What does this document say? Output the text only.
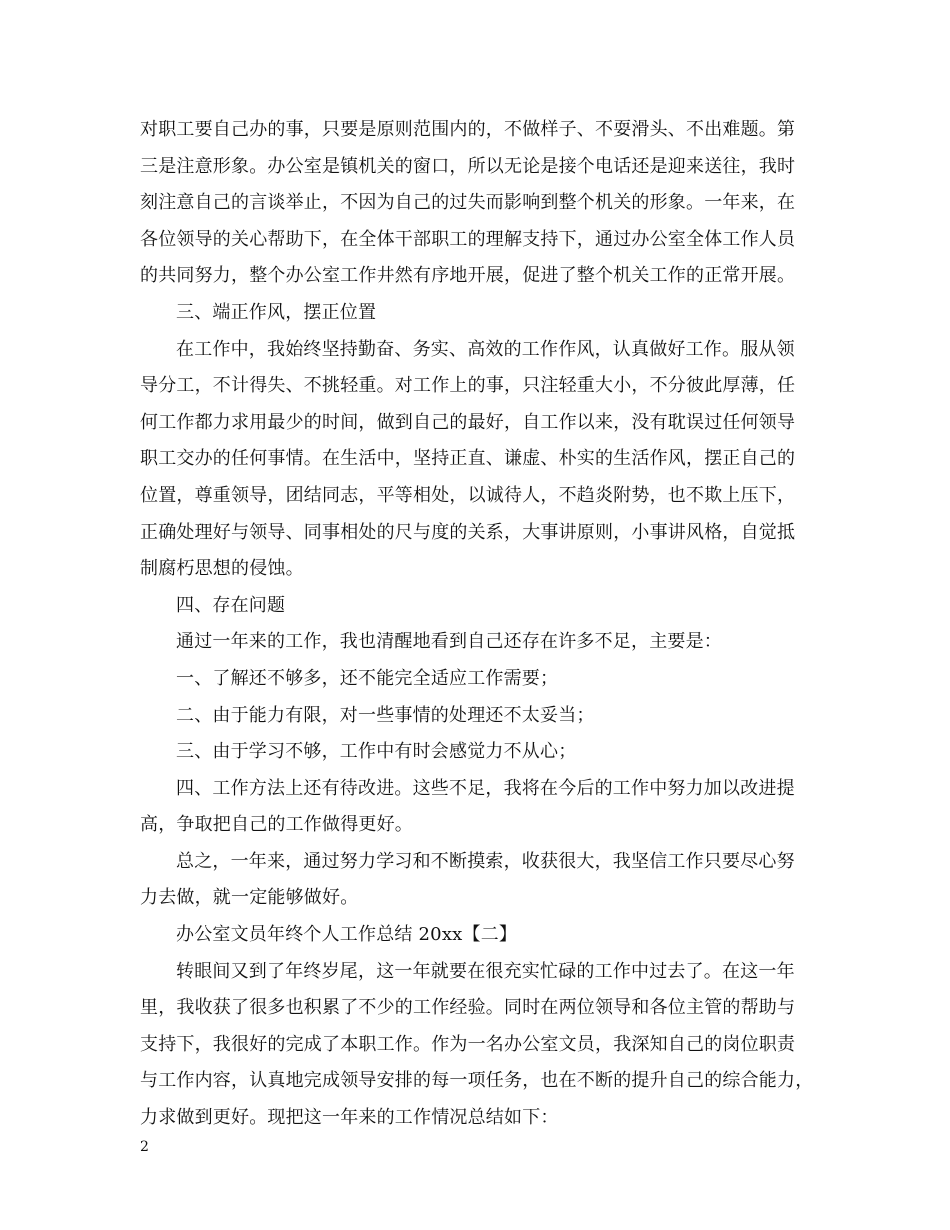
对职工要自己办的事，只要是原则范围内的，不做样子、不耍滑头、不出难题。第
三是注意形象。办公室是镇机关的窗口，所以无论是接个电话还是迎来送往，我时
刻注意自己的言谈举止，不因为自己的过失而影响到整个机关的形象。一年来，在
各位领导的关心帮助下，在全体干部职工的理解支持下，通过办公室全体工作人员
的共同努力，整个办公室工作井然有序地开展，促进了整个机关工作的正常开展。
三、端正作风，摆正位置
在工作中，我始终坚持勤奋、务实、高效的工作作风，认真做好工作。服从领
导分工，不计得失、不挑轻重。对工作上的事，只注轻重大小，不分彼此厚薄，任
何工作都力求用最少的时间，做到自己的最好，自工作以来，没有耽误过任何领导
职工交办的任何事情。在生活中，坚持正直、谦虚、朴实的生活作风，摆正自己的
位置，尊重领导，团结同志，平等相处，以诚待人，不趋炎附势，也不欺上压下，
正确处理好与领导、同事相处的尺与度的关系，大事讲原则，小事讲风格，自觉抵
制腐朽思想的侵蚀。
四、存在问题
通过一年来的工作，我也清醒地看到自己还存在许多不足，主要是：
一、了解还不够多，还不能完全适应工作需要；
二、由于能力有限，对一些事情的处理还不太妥当；
三、由于学习不够，工作中有时会感觉力不从心；
四、工作方法上还有待改进。这些不足，我将在今后的工作中努力加以改进提
高，争取把自己的工作做得更好。
总之，一年来，通过努力学习和不断摸索，收获很大，我坚信工作只要尽心努
力去做，就一定能够做好。
办公室文员年终个人工作总结 20xx【二】
转眼间又到了年终岁尾，这一年就要在很充实忙碌的工作中过去了。在这一年
里，我收获了很多也积累了不少的工作经验。同时在两位领导和各位主管的帮助与
支持下，我很好的完成了本职工作。作为一名办公室文员，我深知自己的岗位职责
与工作内容，认真地完成领导安排的每一项任务，也在不断的提升自己的综合能力，
力求做到更好。现把这一年来的工作情况总结如下：
2
